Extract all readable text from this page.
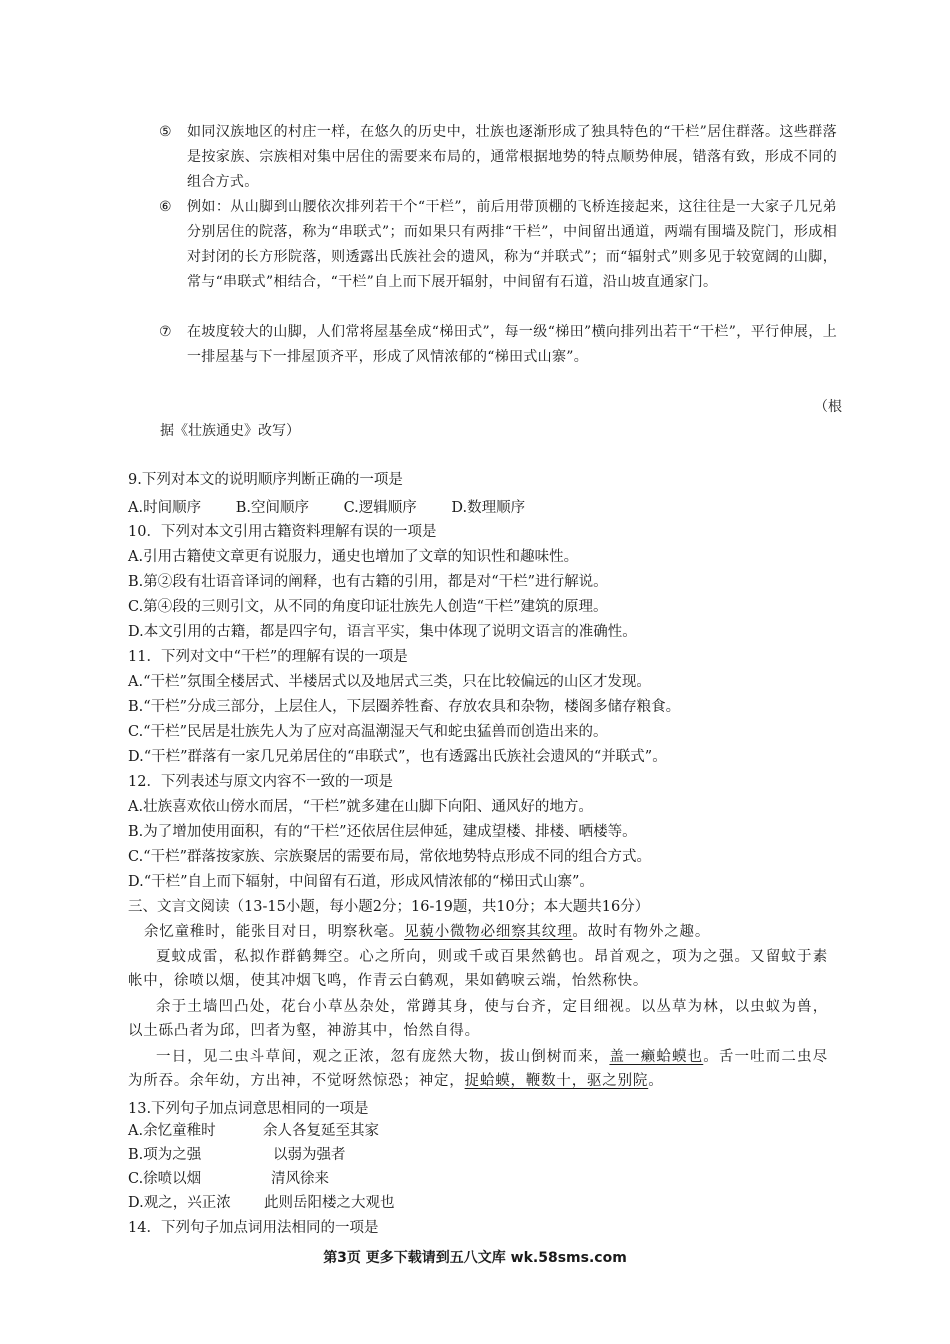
⑤ 如同汉族地区的村庄一样，在悠久的历史中，壮族也逐渐形成了独具特色的“干栏”居住群落。这些群落是按家族、宗族相对集中居住的需要来布局的，通常根据地势的特点顺势伸展，错落有致，形成不同的组合方式。
⑥ 例如：从山脚到山腰依次排列若干个“干栏”，前后用带顶棚的飞桥连接起来，这往往是一大家子几兄弟分别居住的院落，称为“串联式”；而如果只有两排“干栏”，中间留出通道，两端有围墙及院门，形成相对封闭的长方形院落，则透露出氏族社会的遗风，称为“并联式”；而“辐射式”则多见于较宽阔的山脚，常与“串联式”相结合，“干栏”自上而下展开辐射，中间留有石道，沿山坡直通家门。
⑦ 在坡度较大的山脚，人们常将屋基垒成“梯田式”，每一级“梯田”横向排列出若干“干栏”，平行伸展，上一排屋基与下一排屋顶齐平，形成了风情浓郁的“梯田式山寨”。
（根
据《壮族通史》改写）
9.下列对本文的说明顺序判断正确的一项是
A.时间顺序 B.空间顺序 C.逻辑顺序 D.数理顺序
10．下列对本文引用古籍资料理解有误的一项是
A.引用古籍使文章更有说服力，通史也增加了文章的知识性和趣味性。
B.第②段有壮语音译词的阐释，也有古籍的引用，都是对“干栏”进行解说。
C.第④段的三则引文，从不同的角度印证壮族先人创造“干栏”建筑的原理。
D.本文引用的古籍，都是四字句，语言平实，集中体现了说明文语言的准确性。
11．下列对文中“干栏”的理解有误的一项是
A.“干栏”氛围全楼居式、半楼居式以及地居式三类，只在比较偏远的山区才发现。
B.“干栏”分成三部分，上层住人，下层圈养牲畜、存放农具和杂物，楼阁多储存粮食。
C.“干栏”民居是壮族先人为了应对高温潮湿天气和蛇虫猛兽而创造出来的。
D.“干栏”群落有一家几兄弟居住的“串联式”，也有透露出氏族社会遗风的“并联式”。
12．下列表述与原文内容不一致的一项是
A.壮族喜欢依山傍水而居，“干栏”就多建在山脚下向阳、通风好的地方。
B.为了增加使用面积，有的“干栏”还依居住层伸延，建成望楼、排楼、晒楼等。
C.“干栏”群落按家族、宗族聚居的需要布局，常依地势特点形成不同的组合方式。
D.“干栏”自上而下辐射，中间留有石道，形成风情浓郁的“梯田式山寨”。
三、文言文阅读（13-15小题，每小题2分；16-19题，共10分；本大题共16分）
余忆童稚时，能张目对日，明察秋毫。见藐小微物必细察其纹理。故时有物外之趣。
夏蚊成雷，私拟作群鹤舞空。心之所向，则或千或百果然鹤也。昂首观之，项为之强。又留蚊于素帐中，徐喷以烟，使其冲烟飞鸣，作青云白鹤观，果如鹤唳云端，怡然称快。
余于土墙凹凸处，花台小草丛杂处，常蹲其身，使与台齐，定目细视。以丛草为林，以虫蚁为兽，以土砾凸者为邱，凹者为壑，神游其中，怡然自得。
一日，见二虫斗草间，观之正浓，忽有庞然大物，拔山倒树而来，盖一癞蛤蟆也。舌一吐而二虫尽为所吞。余年幼，方出神，不觉呀然惊恐；神定，捉蛤蟆，鞭数十，驱之别院。
13.下列句子加点词意思相同的一项是
A.余忆童稚时	余人各复延至其家
B.项为之强	以弱为强者
C.徐喷以烟	清风徐来
D.观之，兴正浓 此则岳阳楼之大观也
14．下列句子加点词用法相同的一项是
第3页 更多下载请到五八文库 wk.58sms.com
